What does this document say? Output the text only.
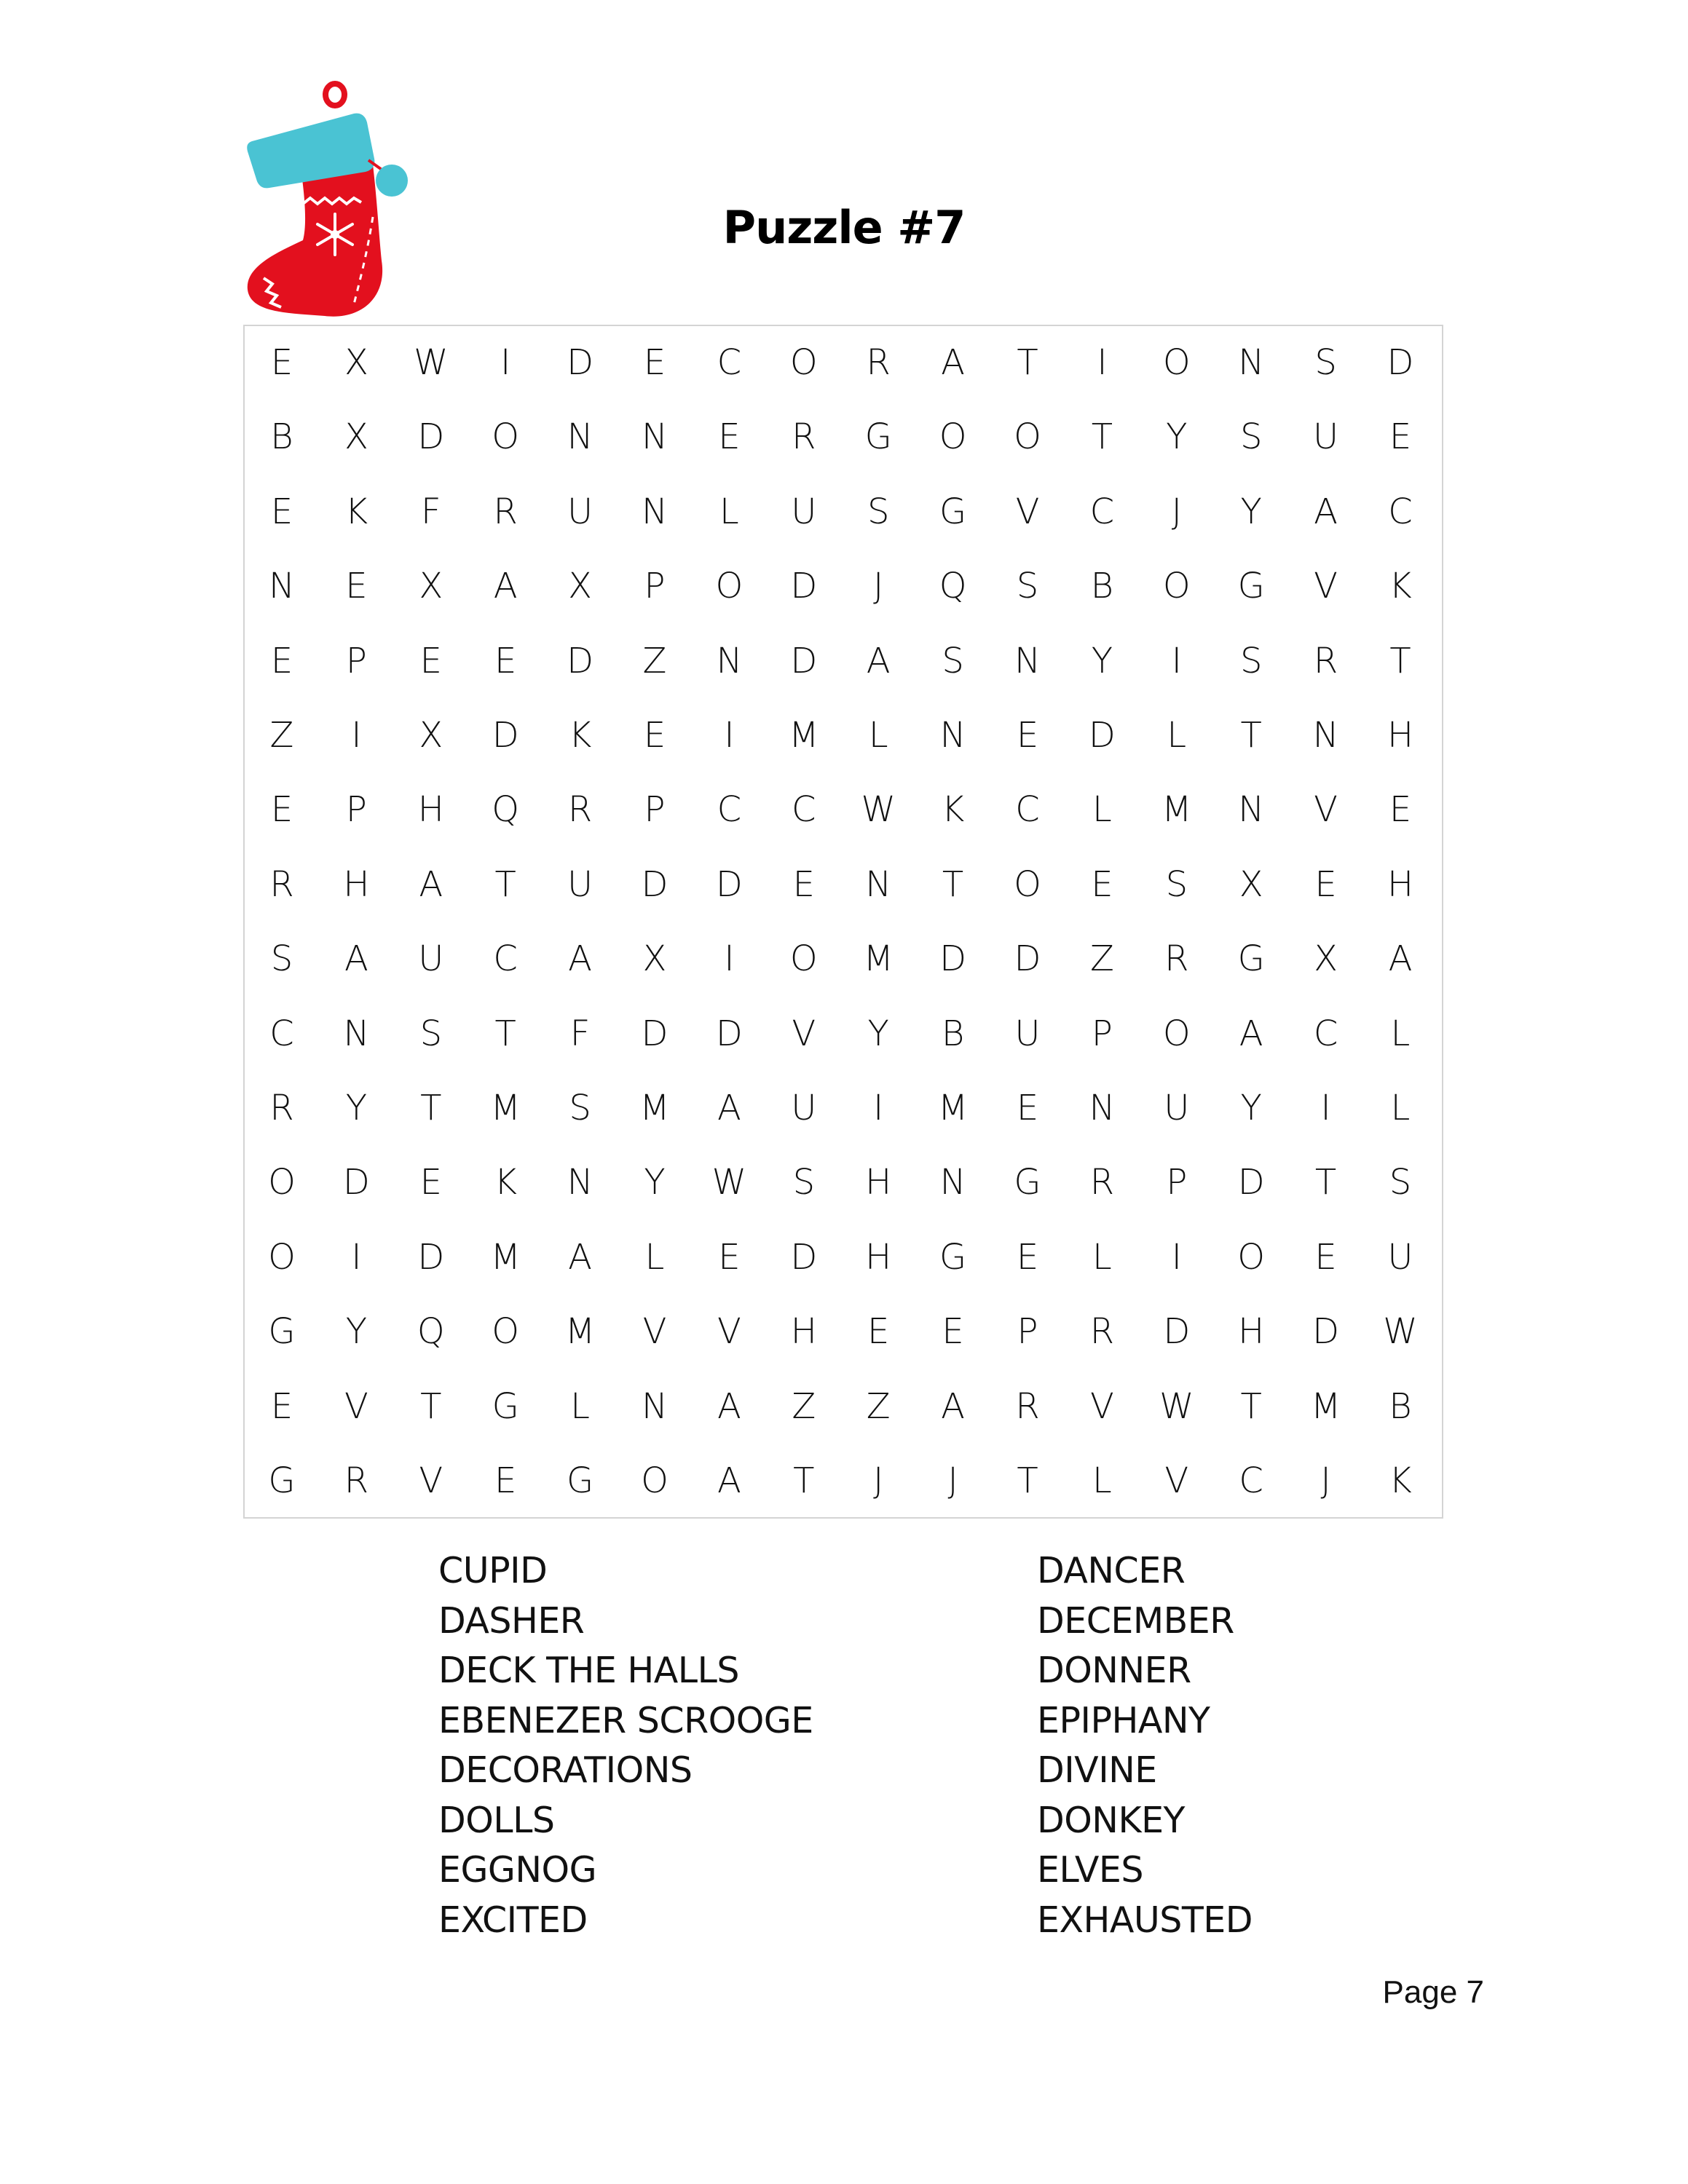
Puzzle #7
E	X	W	I	D	E	C	O	R	A	T	I	O	N	S	D
B	X	D	O	N	N	E	R	G	O	O	T	Y	S	U	E
E	K	F	R	U	N	L	U	S	G	V	C	J	Y	A	C
N	E	X	A	X	P	O	D	J	Q	S	B	O	G	V	K
E	P	E	E	D	Z	N	D	A	S	N	Y	I	S	R	T
Z	I	X	D	K	E	I	M	L	N	E	D	L	T	N	H
E	P	H	Q	R	P	C	C	W	K	C	L	M	N	V	E
R	H	A	T	U	D	D	E	N	T	O	E	S	X	E	H
S	A	U	C	A	X	I	O	M	D	D	Z	R	G	X	A
C	N	S	T	F	D	D	V	Y	B	U	P	O	A	C	L
R	Y	T	M	S	M	A	U	I	M	E	N	U	Y	I	L
O	D	E	K	N	Y	W	S	H	N	G	R	P	D	T	S
O	I	D	M	A	L	E	D	H	G	E	L	I	O	E	U
G	Y	Q	O	M	V	V	H	E	E	P	R	D	H	D	W
E	V	T	G	L	N	A	Z	Z	A	R	V	W	T	M	B
G	R	V	E	G	O	A	T	J	J	T	L	V	C	J	K
CUPID
DASHER
DECK THE HALLS
EBENEZER SCROOGE
DECORATIONS
DOLLS
EGGNOG
EXCITED
DANCER
DECEMBER
DONNER
EPIPHANY
DIVINE
DONKEY
ELVES
EXHAUSTED
Page 7
